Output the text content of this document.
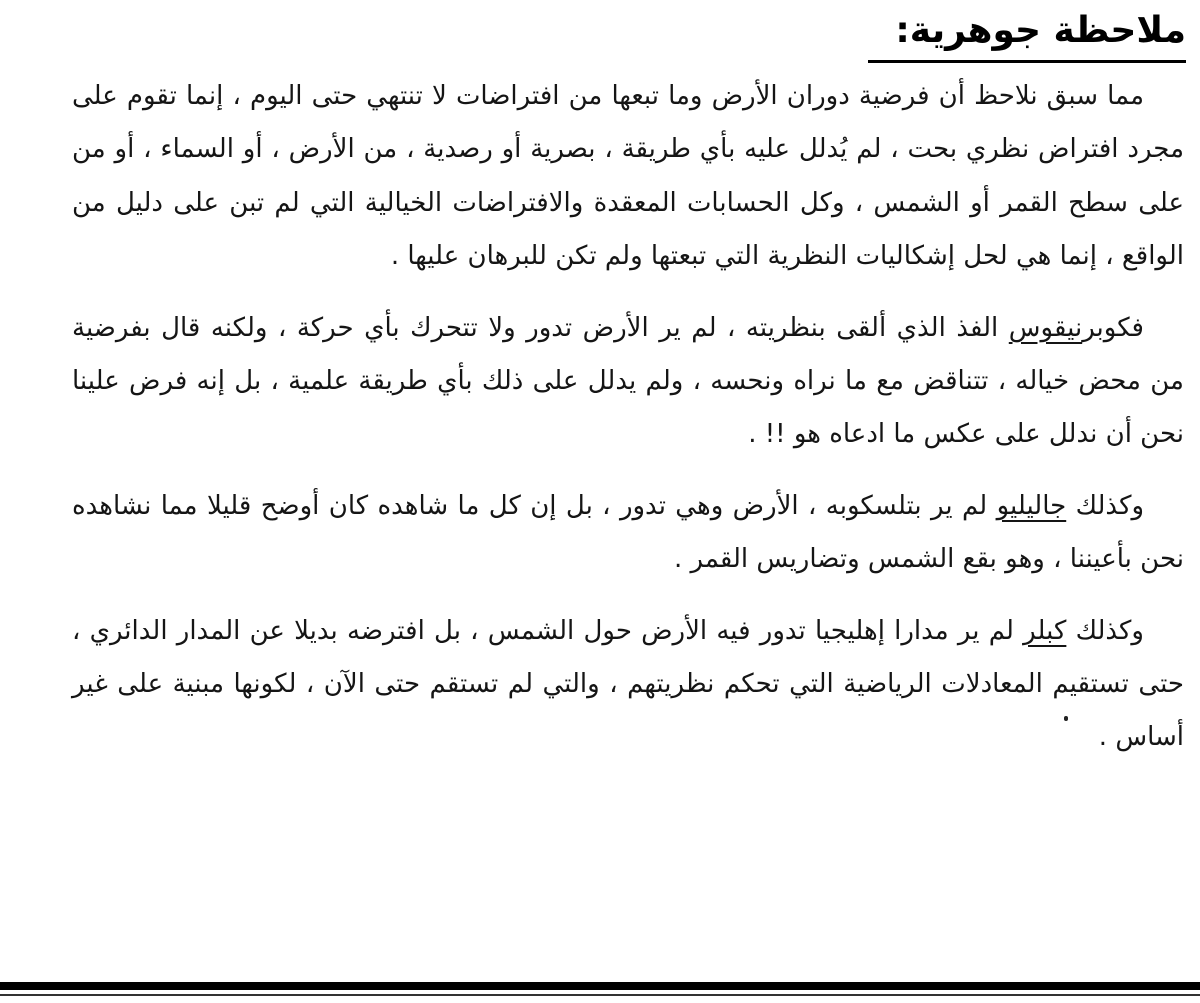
ملاحظة جوهرية:
مما سبق نلاحظ أن فرضية دوران الأرض وما تبعها من افتراضات لا تنتهي حتى اليوم ، إنما تقوم على مجرد افتراض نظري بحت ، لم يُدلل عليه بأي طريقة ، بصرية أو رصدية ، من الأرض ، أو السماء ، أو من على سطح القمر أو الشمس ، وكل الحسابات المعقدة والافتراضات الخيالية التي لم تبن على دليل من الواقع ، إنما هي لحل إشكاليات النظرية التي تبعتها ولم تكن للبرهان عليها .
فكوبرنيقوس الفذ الذي ألقى بنظريته ، لم ير الأرض تدور ولا تتحرك بأي حركة ، ولكنه قال بفرضية من محض خياله ، تتناقض مع ما نراه ونحسه ، ولم يدلل على ذلك بأي طريقة علمية ، بل إنه فرض علينا نحن أن ندلل على عكس ما ادعاه هو !! .
وكذلك جاليليو لم ير بتلسكوبه ، الأرض وهي تدور ، بل إن كل ما شاهده كان أوضح قليلا مما نشاهده نحن بأعيننا ، وهو بقع الشمس وتضاريس القمر .
وكذلك كبلر لم ير مدارا إهليجيا تدور فيه الأرض حول الشمس ، بل افترضه بديلا عن المدار الدائري ، حتى تستقيم المعادلات الرياضية التي تحكم نظريتهم ، والتي لم تستقم حتى الآن ، لكونها مبنية على غير أساس .
